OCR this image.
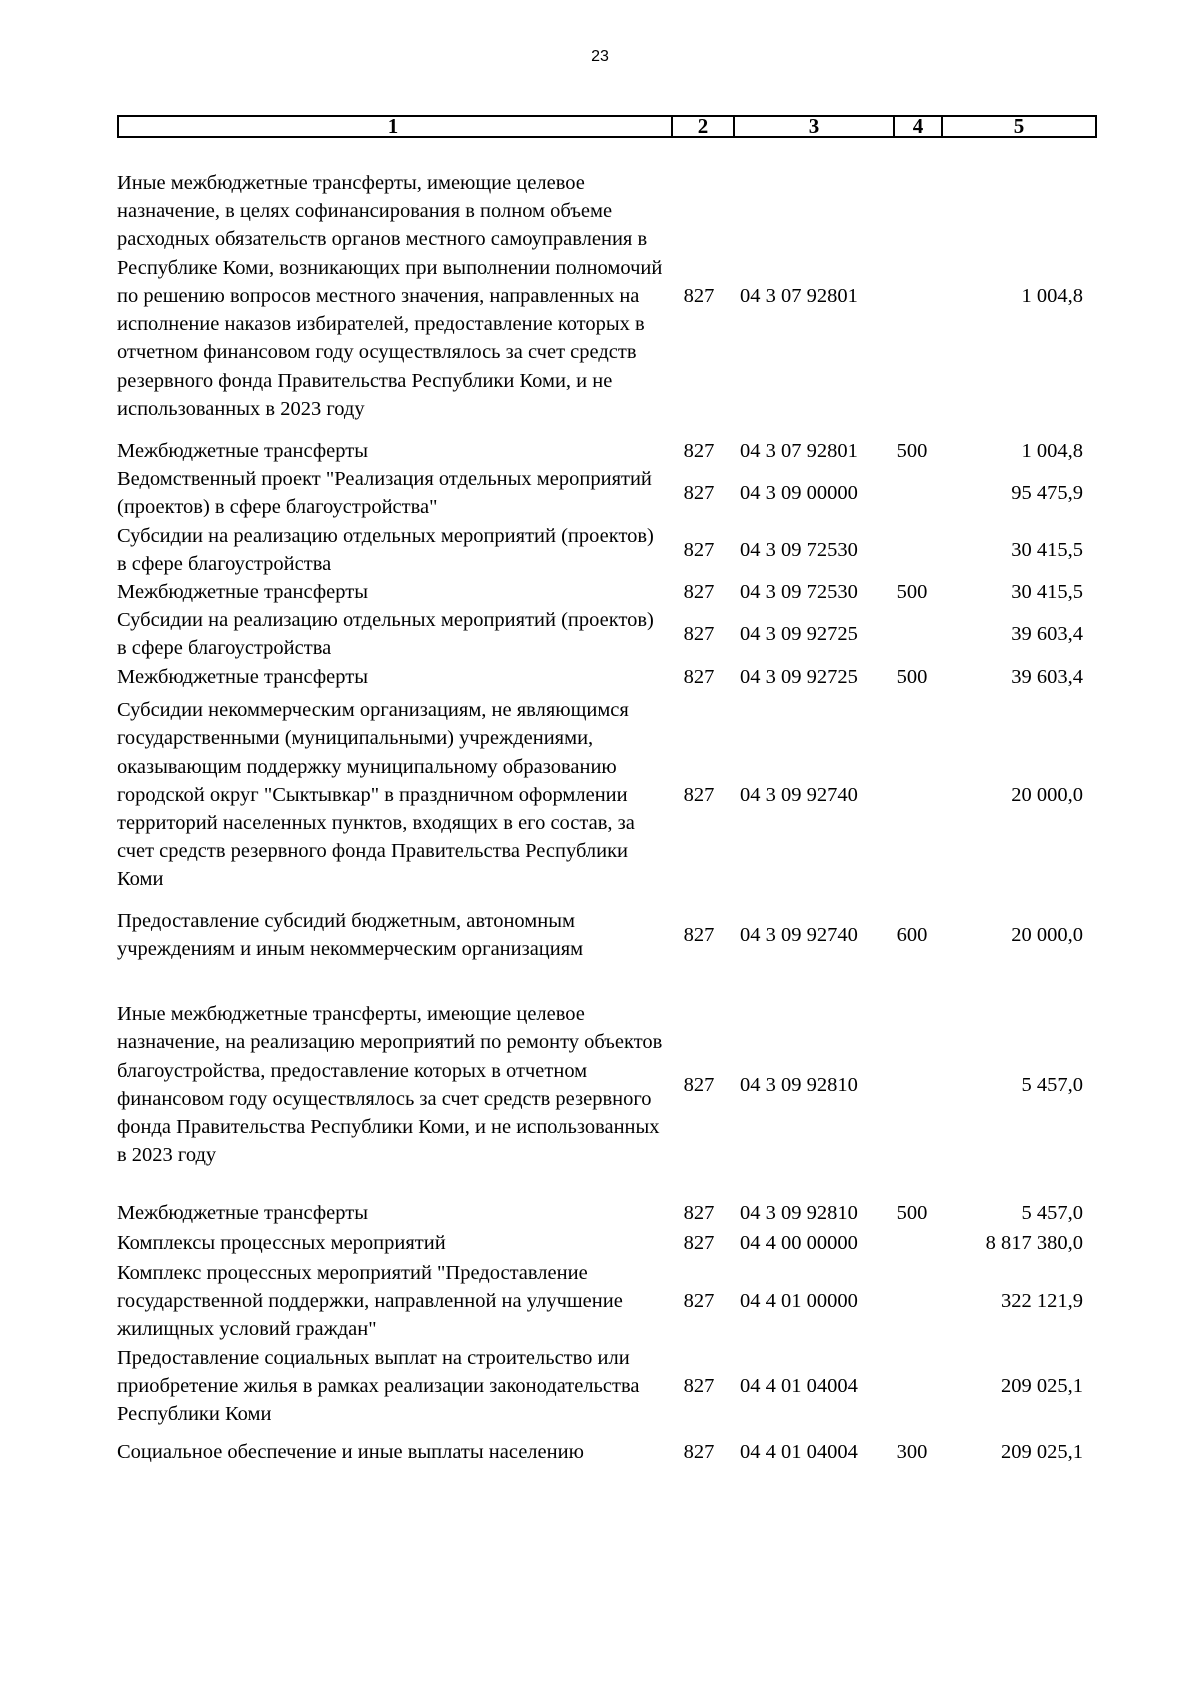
23
1	2	3	4	5
Иные межбюджетные трансферты, имеющие целевое назначение, в целях софинансирования в полном объеме расходных обязательств органов местного самоуправления в Республике Коми, возникающих при выполнении полномочий по решению вопросов местного значения, направленных на исполнение наказов избирателей, предоставление которых в отчетном финансовом году осуществлялось за счет средств резервного фонда Правительства Республики Коми, и не использованных в 2023 году	827	04 3 07 92801		1 004,8
Межбюджетные трансферты	827	04 3 07 92801	500	1 004,8
Ведомственный проект "Реализация отдельных мероприятий (проектов) в сфере благоустройства"	827	04 3 09 00000		95 475,9
Субсидии на реализацию отдельных мероприятий (проектов) в сфере благоустройства	827	04 3 09 72530		30 415,5
Межбюджетные трансферты	827	04 3 09 72530	500	30 415,5
Субсидии на реализацию отдельных мероприятий (проектов) в сфере благоустройства	827	04 3 09 92725		39 603,4
Межбюджетные трансферты	827	04 3 09 92725	500	39 603,4
Субсидии некоммерческим организациям, не являющимся государственными (муниципальными) учреждениями, оказывающим поддержку муниципальному образованию городской округ "Сыктывкар" в праздничном оформлении территорий населенных пунктов, входящих в его состав, за счет средств резервного фонда Правительства Республики Коми	827	04 3 09 92740		20 000,0
Предоставление субсидий бюджетным, автономным учреждениям и иным некоммерческим организациям	827	04 3 09 92740	600	20 000,0
Иные межбюджетные трансферты, имеющие целевое назначение, на реализацию мероприятий по ремонту объектов благоустройства, предоставление которых в отчетном финансовом году осуществлялось за счет средств резервного фонда Правительства Республики Коми, и не использованных в 2023 году	827	04 3 09 92810		5 457,0
Межбюджетные трансферты	827	04 3 09 92810	500	5 457,0
Комплексы процессных мероприятий	827	04 4 00 00000		8 817 380,0
Комплекс процессных мероприятий "Предоставление государственной поддержки, направленной на улучшение жилищных условий граждан"	827	04 4 01 00000		322 121,9
Предоставление социальных выплат на строительство или приобретение жилья в рамках реализации законодательства Республики Коми	827	04 4 01 04004		209 025,1
Социальное обеспечение и иные выплаты населению	827	04 4 01 04004	300	209 025,1
